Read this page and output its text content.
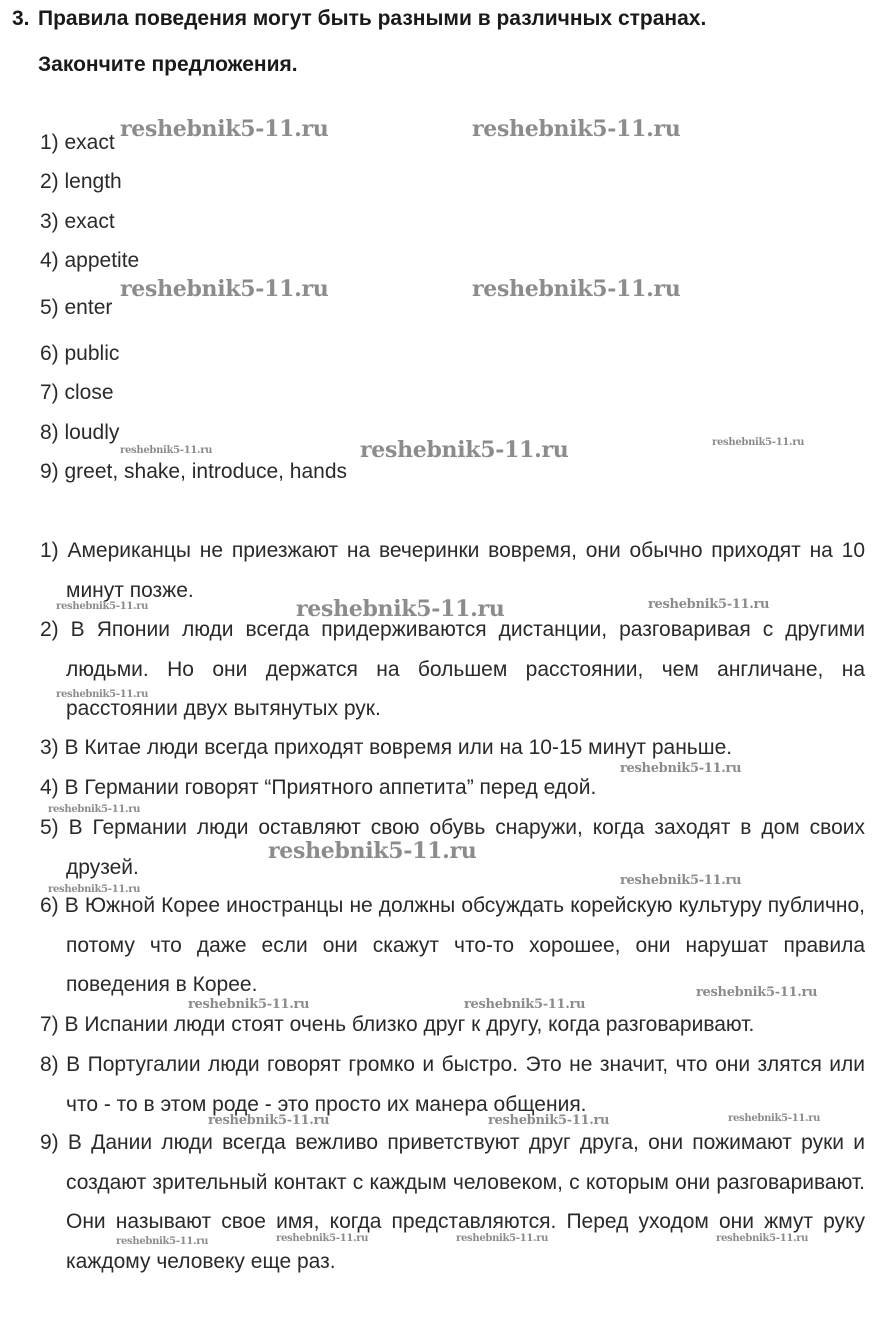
3. Правила поведения могут быть разными в различных странах.
Закончите предложения.
1) exact
2) length
3) exact
4) appetite
5) enter
6) public
7) close
8) loudly
9) greet, shake, introduce, hands
1) Американцы не приезжают на вечеринки вовремя, они обычно приходят на 10 минут позже.
2) В Японии люди всегда придерживаются дистанции, разговаривая с другими людьми. Но они держатся на большем расстоянии, чем англичане, на расстоянии двух вытянутых рук.
3) В Китае люди всегда приходят вовремя или на 10-15 минут раньше.
4) В Германии говорят “Приятного аппетита” перед едой.
5) В Германии люди оставляют свою обувь снаружи, когда заходят в дом своих друзей.
6) В Южной Корее иностранцы не должны обсуждать корейскую культуру публично, потому что даже если они скажут что-то хорошее, они нарушат правила поведения в Корее.
7) В Испании люди стоят очень близко друг к другу, когда разговаривают.
8) В Португалии люди говорят громко и быстро. Это не значит, что они злятся или что - то в этом роде - это просто их манера общения.
9) В Дании люди всегда вежливо приветствуют друг друга, они пожимают руки и создают зрительный контакт с каждым человеком, с которым они разговаривают. Они называют свое имя, когда представляются. Перед уходом они жмут руку каждому человеку еще раз.
reshebnik5-11.ru	reshebnik5-11.ru
reshebnik5-11.ru	reshebnik5-11.ru
reshebnik5-11.ru
reshebnik5-11.ru
reshebnik5-11.ru
reshebnik5-11.ru
reshebnik5-11.ru	reshebnik5-11.ru
reshebnik5-11.ru
reshebnik5-11.ru
reshebnik5-11.ru
reshebnik5-11.ru
reshebnik5-11.ru
reshebnik5-11.ru
reshebnik5-11.ru	reshebnik5-11.ru
reshebnik5-11.ru
reshebnik5-11.ru	reshebnik5-11.ru	reshebnik5-11.ru
reshebnik5-11.ru	reshebnik5-11.ru	reshebnik5-11.ru	reshebnik5-11.ru
